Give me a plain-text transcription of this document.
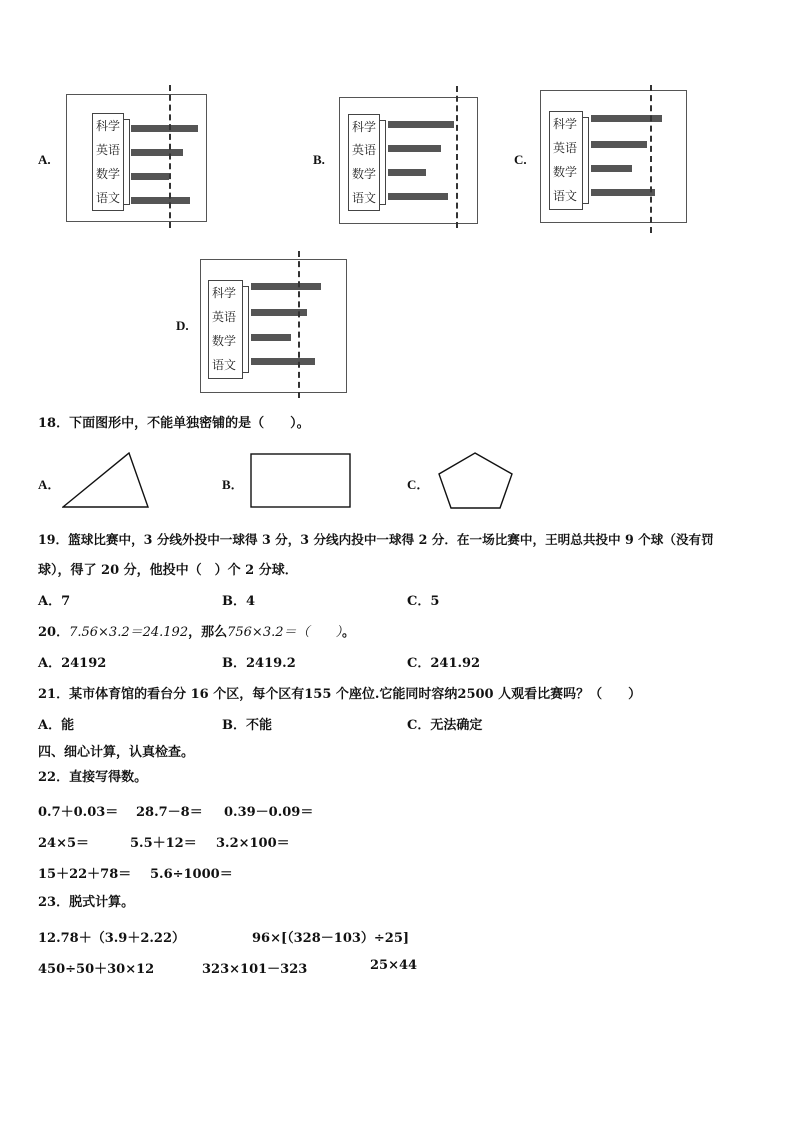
A.
科学
英语
数学
语文
B.
科学
英语
数学
语文
C.
科学
英语
数学
语文
D.
科学
英语
数学
语文
18．下面图形中，不能单独密铺的是（　　）。
A．	B．	C．
19．篮球比赛中，3 分线外投中一球得 3 分，3 分线内投中一球得 2 分．在一场比赛中，王明总共投中 9 个球（没有罚
球），得了 20 分，他投中（　）个 2 分球．
A．7	B．4	C．5
20．7.56×3.2＝24.192，那么756×3.2＝（　　）。
A．24192	B．2419.2	C．241.92
21．某市体育馆的看台分 16 个区，每个区有155 个座位.它能同时容纳2500 人观看比赛吗？（　　）
A．能	B．不能	C．无法确定
四、细心计算，认真检查。
22．直接写得数。
0.7＋0.03＝ 28.7－8＝ 0.39－0.09＝
24×5＝	5.5＋12＝ 3.2×100＝
15＋22＋78＝ 5.6÷1000＝
23．脱式计算。
12.78＋（3.9＋2.22）	96×[（328－103）÷25]
450÷50＋30×12	323×101－323	25×44
